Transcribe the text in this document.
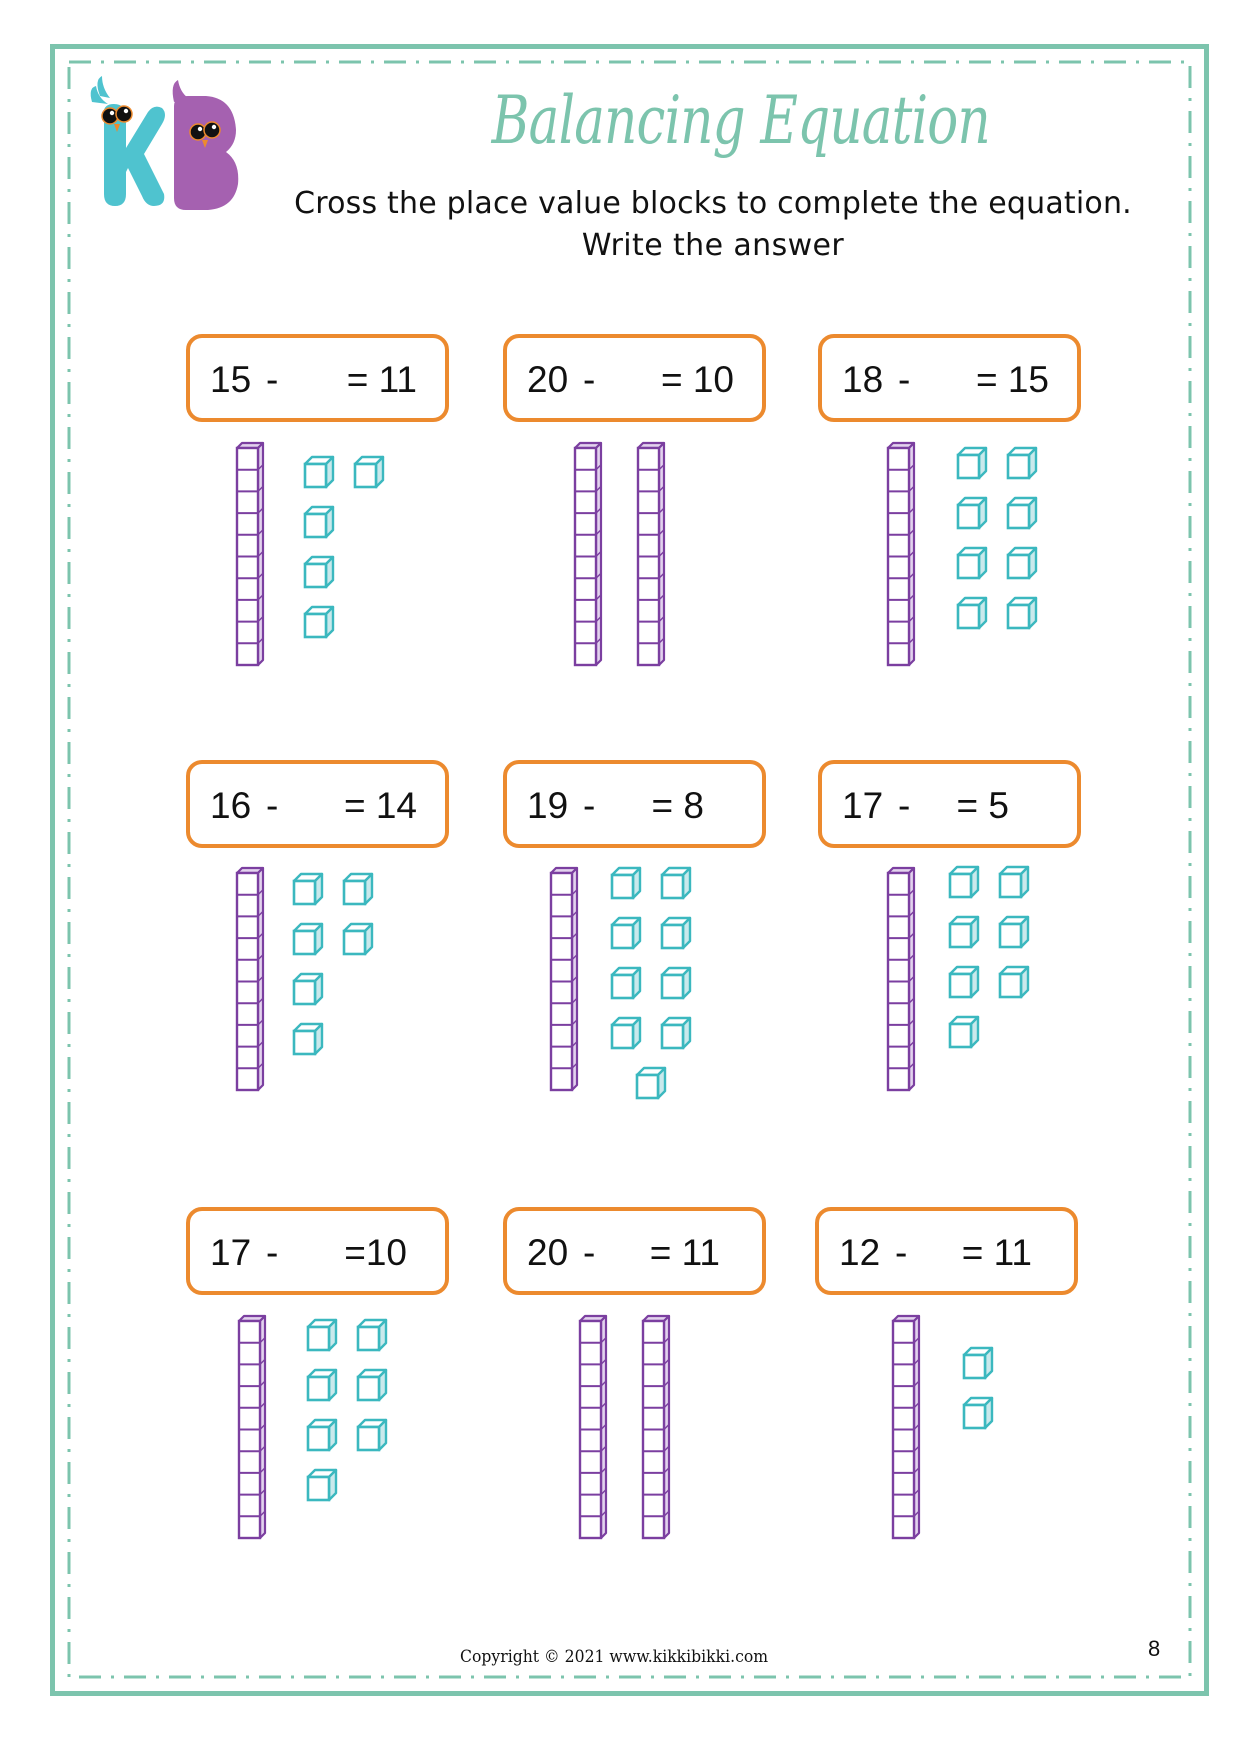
Balancing Equation
Cross the place value blocks to complete the equation.
Write the answer
15 - = 11	20 - = 10	18 - = 15
16 - = 14	19 - = 8	17 - = 5
17 - =10	20 - = 11	12 - = 11
Copyright © 2021 www.kikkibikki.com	8
